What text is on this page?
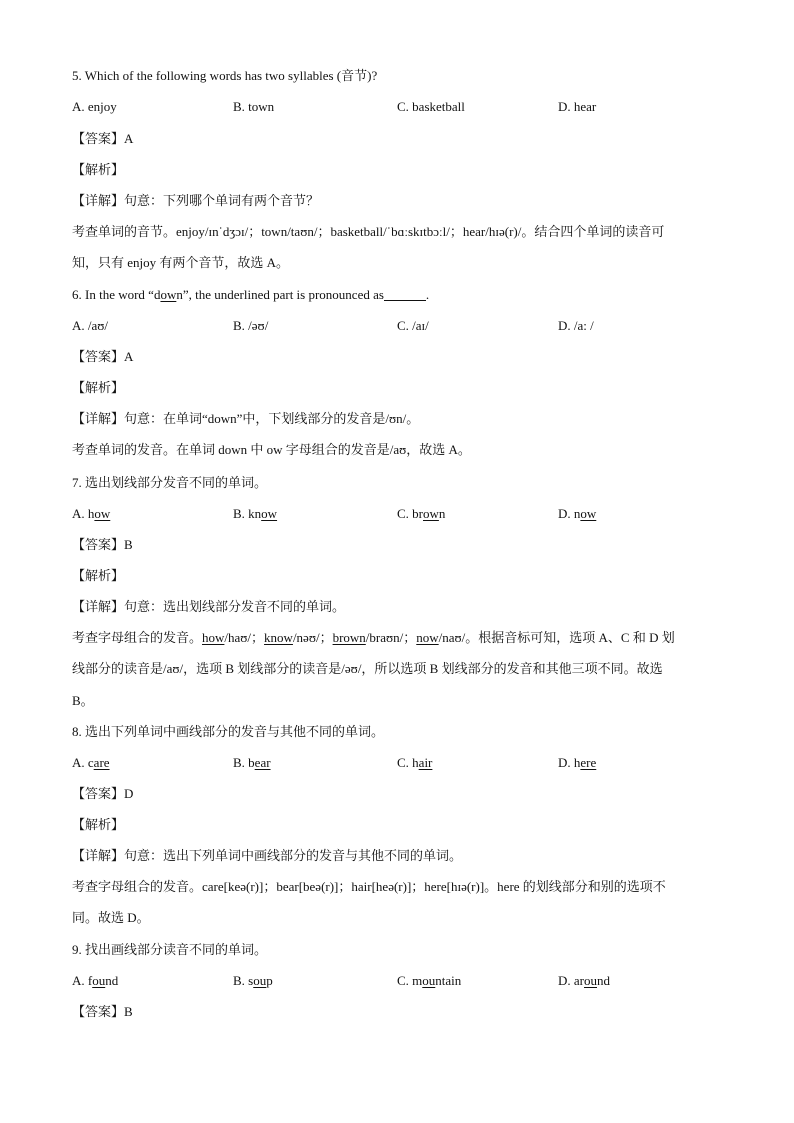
5. Which of the following words has two syllables (音节)?
A. enjoy	B. town	C. basketball	D. hear
【答案】A
【解析】
【详解】句意：下列哪个单词有两个音节？
考查单词的音节。enjoy/ɪnˈdʒɔɪ/；town/taʊn/；basketball/ˈbɑːskɪtbɔːl/；hear/hɪə(r)/。结合四个单词的读音可
知，只有 enjoy 有两个音节，故选 A。
6. In the word “down”, the underlined part is pronounced as	.
A. /aʊ/	B. /əʊ/	C. /aɪ/	D. /a: /
【答案】A
【解析】
【详解】句意：在单词“down”中，下划线部分的发音是/ʊn/。
考查单词的发音。在单词 down 中 ow 字母组合的发音是/aʊ，故选 A。
7. 选出划线部分发音不同的单词。
A. how	B. know	C. brown	D. now
【答案】B
【解析】
【详解】句意：选出划线部分发音不同的单词。
考查字母组合的发音。how/haʊ/；know/nəʊ/；brown/braʊn/；now/naʊ/。根据音标可知，选项 A、C 和 D 划
线部分的读音是/aʊ/，选项 B 划线部分的读音是/əʊ/，所以选项 B 划线部分的发音和其他三项不同。故选
B。
8. 选出下列单词中画线部分的发音与其他不同的单词。
A. care	B. bear	C. hair	D. here
【答案】D
【解析】
【详解】句意：选出下列单词中画线部分的发音与其他不同的单词。
考查字母组合的发音。care[keə(r)]；bear[beə(r)]；hair[heə(r)]；here[hɪə(r)]。here 的划线部分和别的选项不
同。故选 D。
9. 找出画线部分读音不同的单词。
A. found	B. soup	C. mountain	D. around
【答案】B
